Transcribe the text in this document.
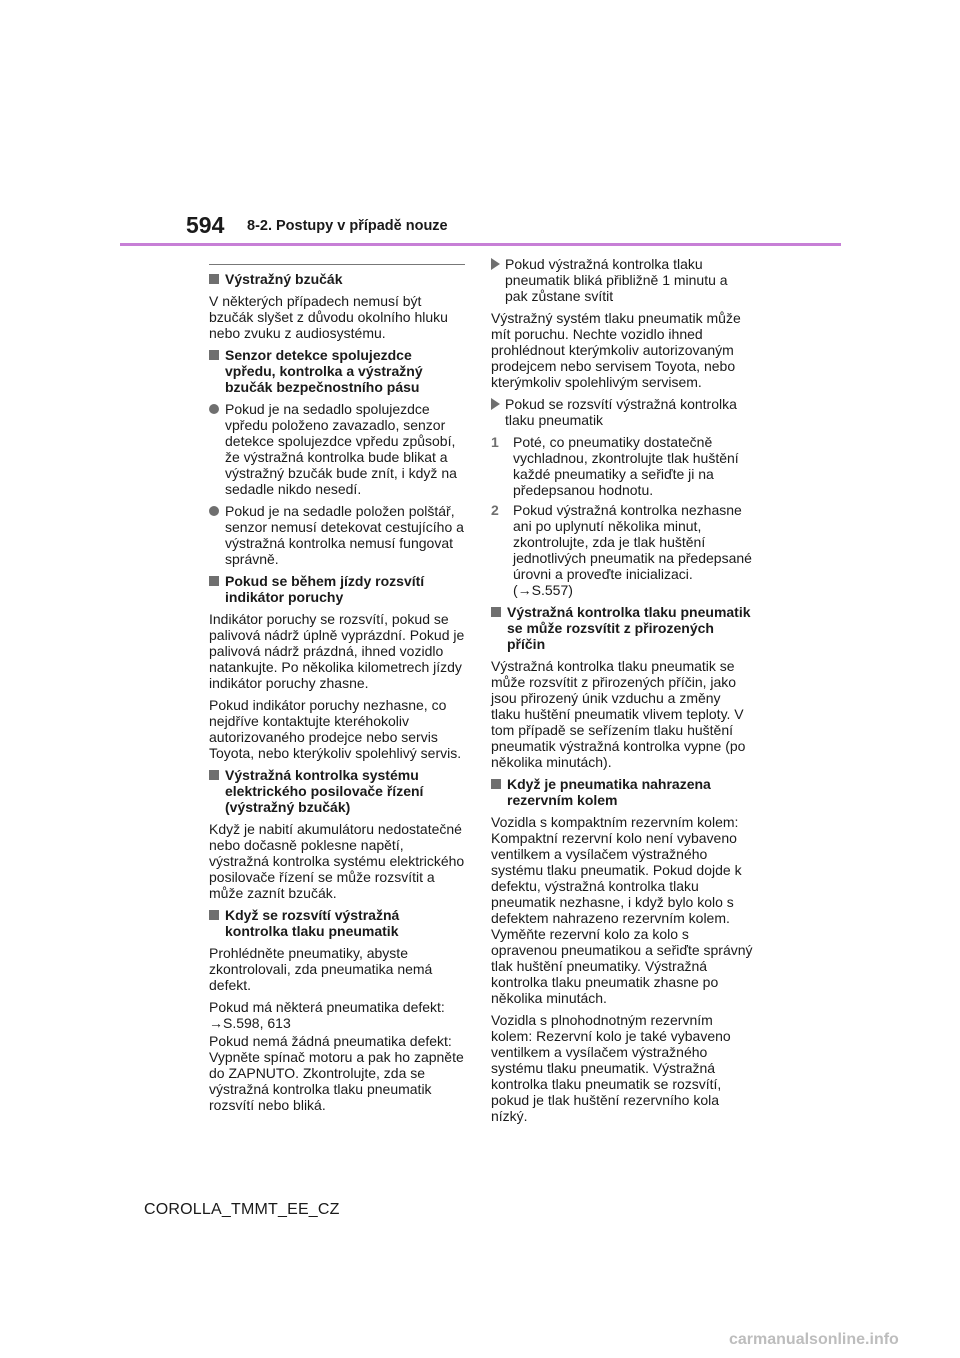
594 8-2. Postupy v případě nouze
Výstražný bzučák

V některých případech nemusí být bzučák slyšet z důvodu okolního hluku nebo zvuku z audiosystému.

Senzor detekce spolujezdce vpředu, kontrolka a výstražný bzučák bezpečnostního pásu
Pokud je na sedadlo spolujezdce vpředu položeno zavazadlo, senzor detekce spolujezdce vpředu způsobí, že výstražná kontrolka bude blikat a výstražný bzučák bude znít, i když na sedadle nikdo nesedí.
Pokud je na sedadle položen polštář, senzor nemusí detekovat cestujícího a výstražná kontrolka nemusí fungovat správně.
Pokud se během jízdy rozsvítí indikátor poruchy

Indikátor poruchy se rozsvítí, pokud se palivová nádrž úplně vyprázdní. Pokud je palivová nádrž prázdná, ihned vozidlo natankujte. Po několika kilometrech jízdy indikátor poruchy zhasne.

Pokud indikátor poruchy nezhasne, co nejdříve kontaktujte kteréhokoliv autorizovaného prodejce nebo servis Toyota, nebo kterýkoliv spolehlivý servis.

Výstražná kontrolka systému elektrického posilovače řízení (výstražný bzučák)

Když je nabití akumulátoru nedostatečné nebo dočasně poklesne napětí, výstražná kontrolka systému elektrického posilovače řízení se může rozsvítit a může zaznít bzučák.

Když se rozsvítí výstražná kontrolka tlaku pneumatik

Prohlédněte pneumatiky, abyste zkontrolovali, zda pneumatika nemá defekt.

Pokud má některá pneumatika defekt: →S.598, 613

Pokud nemá žádná pneumatika defekt: Vypněte spínač motoru a pak ho zapněte do ZAPNUTO. Zkontrolujte, zda se výstražná kontrolka tlaku pneumatik rozsvítí nebo bliká.

Pokud výstražná kontrolka tlaku pneumatik bliká přibližně 1 minutu a pak zůstane svítit

Výstražný systém tlaku pneumatik může mít poruchu. Nechte vozidlo ihned prohlédnout kterýmkoliv autorizovaným prodejcem nebo servisem Toyota, nebo kterýmkoliv spolehlivým servisem.

Pokud se rozsvítí výstražná kontrolka tlaku pneumatik
1 Poté, co pneumatiky dostatečně vychladnou, zkontrolujte tlak huštění každé pneumatiky a seřiďte ji na předepsanou hodnotu.
2 Pokud výstražná kontrolka nezhasne ani po uplynutí několika minut, zkontrolujte, zda je tlak huštění jednotlivých pneumatik na předepsané úrovni a proveďte inicializaci. (→S.557)
Výstražná kontrolka tlaku pneumatik se může rozsvítit z přirozených příčin

Výstražná kontrolka tlaku pneumatik se může rozsvítit z přirozených příčin, jako jsou přirozený únik vzduchu a změny tlaku huštění pneumatik vlivem teploty. V tom případě se seřízením tlaku huštění pneumatik výstražná kontrolka vypne (po několika minutách).

Když je pneumatika nahrazena rezervním kolem

Vozidla s kompaktním rezervním kolem: Kompaktní rezervní kolo není vybaveno ventilkem a vysílačem výstražného systému tlaku pneumatik. Pokud dojde k defektu, výstražná kontrolka tlaku pneumatik nezhasne, i když bylo kolo s defektem nahrazeno rezervním kolem. Vyměňte rezervní kolo za kolo s opravenou pneumatikou a seřiďte správný tlak huštění pneumatiky. Výstražná kontrolka tlaku pneumatik zhasne po několika minutách.

Vozidla s plnohodnotným rezervním kolem: Rezervní kolo je také vybaveno ventilkem a vysílačem výstražného systému tlaku pneumatik. Výstražná kontrolka tlaku pneumatik se rozsvítí, pokud je tlak huštění rezervního kola nízký.

COROLLA_TMMT_EE_CZ
carmanualsonline.info
